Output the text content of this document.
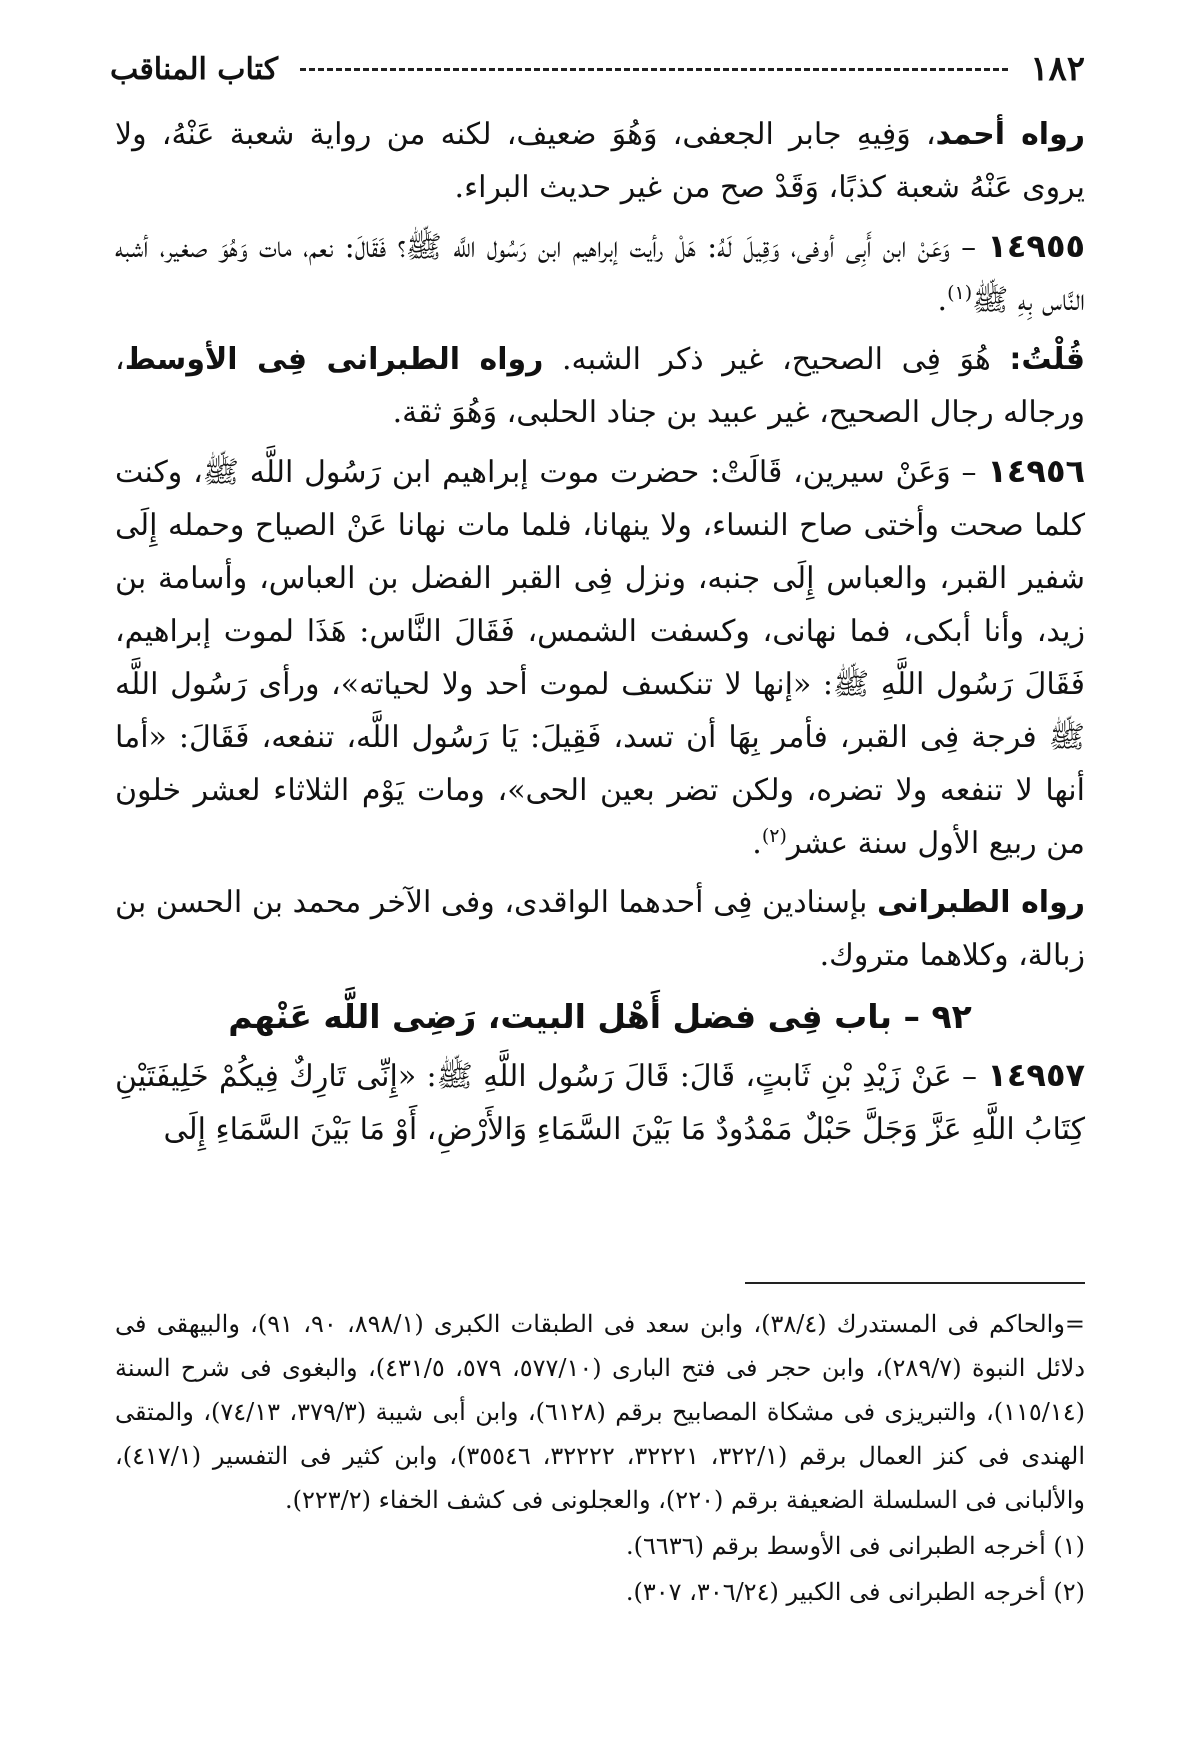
١٨٢
كتاب المناقب

رواه أحمد، وَفِيهِ جابر الجعفى، وَهُوَ ضعيف، لكنه من رواية شعبة عَنْهُ، ولا يروى عَنْهُ شعبة كذبًا، وَقَدْ صح من غير حديث البراء.

١٤٩٥٥ – وَعَنْ ابن أَبِى أوفى، وَقِيلَ لَهُ: هَلْ رأيت إبراهيم ابن رَسُول اللَّه ﷺ؟ فَقَالَ: نعم، مات وَهُوَ صغير، أشبه النَّاس بِهِ ﷺ$^{(١)}$.

قُلْتُ: هُوَ فِى الصحيح، غير ذكر الشبه. رواه الطبرانى فِى الأوسط، ورجاله رجال الصحيح، غير عبيد بن جناد الحلبى، وَهُوَ ثقة.

١٤٩٥٦ – وَعَنْ سيرين، قَالَتْ: حضرت موت إبراهيم ابن رَسُول اللَّه ﷺ، وكنت كلما صحت وأختى صاح النساء، ولا ينهانا، فلما مات نهانا عَنْ الصياح وحمله إِلَى شفير القبر، والعباس إِلَى جنبه، ونزل فِى القبر الفضل بن العباس، وأسامة بن زيد، وأنا أبكى، فما نهانى، وكسفت الشمس، فَقَالَ النَّاس: هَذَا لموت إبراهيم، فَقَالَ رَسُول اللَّهِ ﷺ: «إنها لا تنكسف لموت أحد ولا لحياته»، ورأى رَسُول اللَّه ﷺ فرجة فِى القبر، فأمر بِهَا أن تسد، فَقِيلَ: يَا رَسُول اللَّه، تنفعه، فَقَالَ: «أما أنها لا تنفعه ولا تضره، ولكن تضر بعين الحى»، ومات يَوْم الثلاثاء لعشر خلون من ربيع الأول سنة عشر$^{(٢)}$.

رواه الطبرانى بإسنادين فِى أحدهما الواقدى، وفى الآخر محمد بن الحسن بن زبالة، وكلاهما متروك.

٩٢ – باب فِى فضل أَهْل البيت، رَضِى اللَّه عَنْهم

١٤٩٥٧ – عَنْ زَيْدِ بْنِ ثَابتٍ، قَالَ: قَالَ رَسُول اللَّهِ ﷺ: «إِنِّى تَارِكٌ فِيكُمْ خَلِيفَتَيْنِ كِتَابُ اللَّهِ عَزَّ وَجَلَّ حَبْلٌ مَمْدُودٌ مَا بَيْنَ السَّمَاءِ وَالأَرْضِ، أَوْ مَا بَيْنَ السَّمَاءِ إِلَى

=والحاكم فى المستدرك (٣٨/٤)، وابن سعد فى الطبقات الكبرى (٨٩٨/١، ٩٠، ٩١)، والبيهقى فى دلائل النبوة (٢٨٩/٧)، وابن حجر فى فتح البارى (٥٧٧/١٠، ٥٧٩، ٤٣١/٥)، والبغوى فى شرح السنة (١١٥/١٤)، والتبريزى فى مشكاة المصابيح برقم (٦١٢٨)، وابن أبى شيبة (٣٧٩/٣، ٧٤/١٣)، والمتقى الهندى فى كنز العمال برقم (٣٢٢/١، ٣٢٢٢١، ٣٢٢٢٢، ٣٥٥٤٦)، وابن كثير فى التفسير (٤١٧/١)، والألبانى فى السلسلة الضعيفة برقم (٢٢٠)، والعجلونى فى كشف الخفاء (٢٢٣/٢).

(١) أخرجه الطبرانى فى الأوسط برقم (٦٦٣٦).

(٢) أخرجه الطبرانى فى الكبير (٣٠٦/٢٤، ٣٠٧).
